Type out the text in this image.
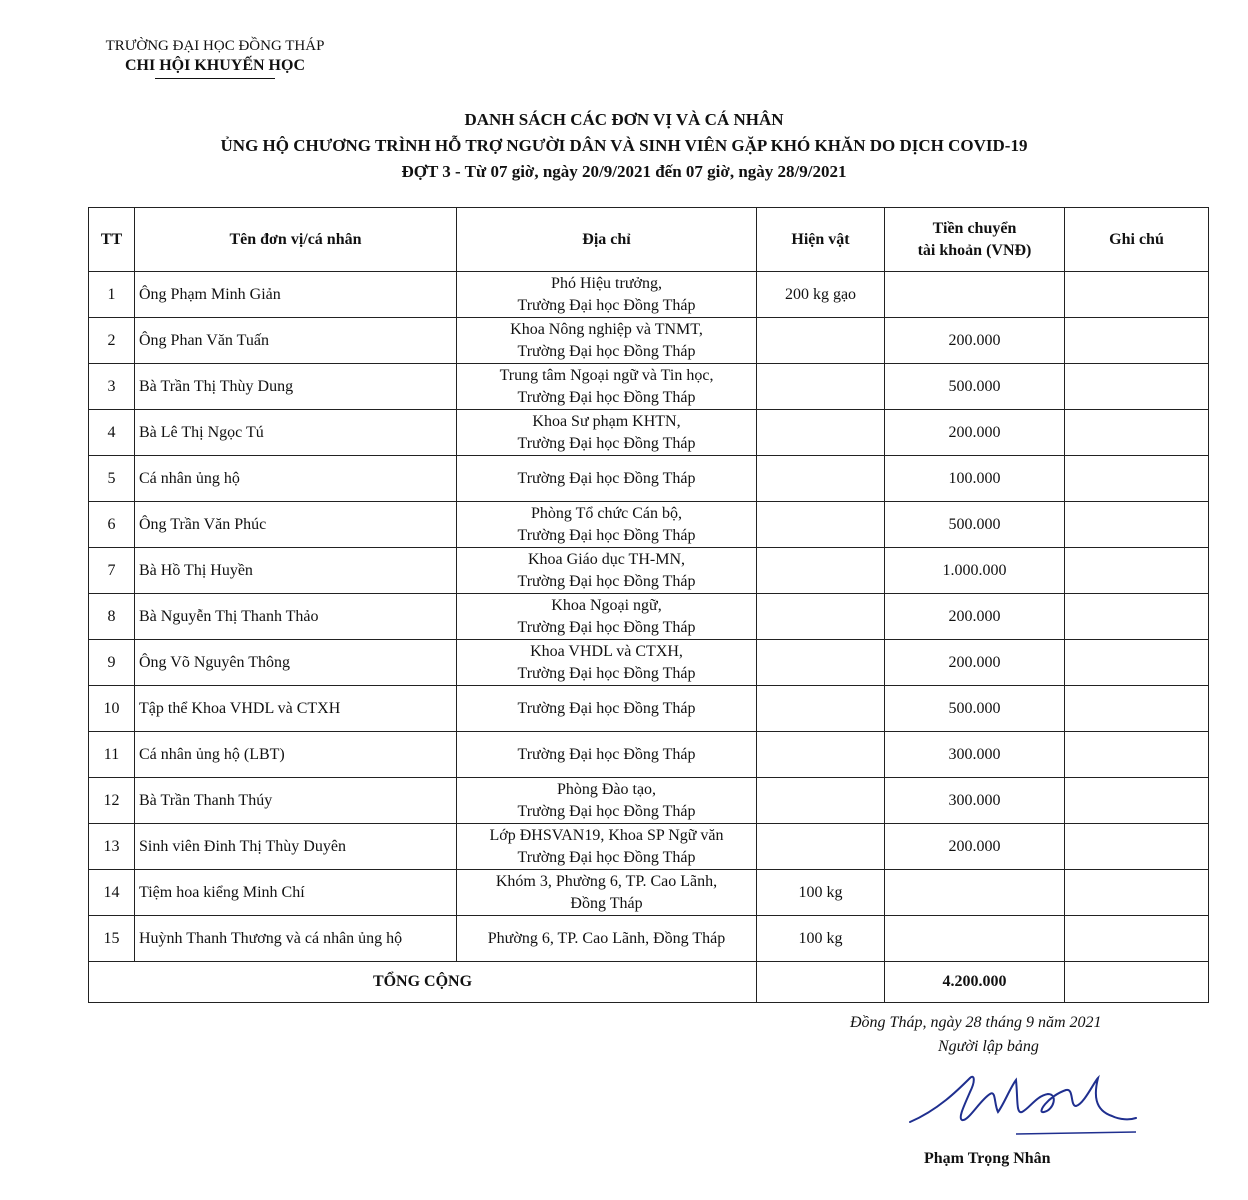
TRƯỜNG ĐẠI HỌC ĐỒNG THÁP
CHI HỘI KHUYẾN HỌC
DANH SÁCH CÁC ĐƠN VỊ VÀ CÁ NHÂN
ỦNG HỘ CHƯƠNG TRÌNH HỖ TRỢ NGƯỜI DÂN VÀ SINH VIÊN GẶP KHÓ KHĂN DO DỊCH COVID-19
ĐỢT 3 - Từ 07 giờ, ngày 20/9/2021 đến 07 giờ, ngày 28/9/2021
TT	Tên đơn vị/cá nhân	Địa chỉ	Hiện vật	Tiền chuyển
tài khoản (VNĐ)	Ghi chú
1	Ông Phạm Minh Giản	Phó Hiệu trưởng,
Trường Đại học Đồng Tháp	200 kg gạo		
2	Ông Phan Văn Tuấn	Khoa Nông nghiệp và TNMT,
Trường Đại học Đồng Tháp		200.000	
3	Bà Trần Thị Thùy Dung	Trung tâm Ngoại ngữ và Tin học,
Trường Đại học Đồng Tháp		500.000	
4	Bà Lê Thị Ngọc Tú	Khoa Sư phạm KHTN,
Trường Đại học Đồng Tháp		200.000	
5	Cá nhân ủng hộ	Trường Đại học Đồng Tháp		100.000	
6	Ông Trần Văn Phúc	Phòng Tổ chức Cán bộ,
Trường Đại học Đồng Tháp		500.000	
7	Bà Hồ Thị Huyền	Khoa Giáo dục TH-MN,
Trường Đại học Đồng Tháp		1.000.000	
8	Bà Nguyễn Thị Thanh Thảo	Khoa Ngoại ngữ,
Trường Đại học Đồng Tháp		200.000	
9	Ông Võ Nguyên Thông	Khoa VHDL và CTXH,
Trường Đại học Đồng Tháp		200.000	
10	Tập thể Khoa VHDL và CTXH	Trường Đại học Đồng Tháp		500.000	
11	Cá nhân ủng hộ (LBT)	Trường Đại học Đồng Tháp		300.000	
12	Bà Trần Thanh Thúy	Phòng Đào tạo,
Trường Đại học Đồng Tháp		300.000	
13	Sinh viên Đinh Thị Thùy Duyên	Lớp ĐHSVAN19, Khoa SP Ngữ văn
Trường Đại học Đồng Tháp		200.000	
14	Tiệm hoa kiểng Minh Chí	Khóm 3, Phường 6, TP. Cao Lãnh,
Đồng Tháp	100 kg		
15	Huỳnh Thanh Thương và cá nhân ủng hộ	Phường 6, TP. Cao Lãnh, Đồng Tháp	100 kg		
TỔNG CỘNG				4.200.000	
Đồng Tháp, ngày 28 tháng 9 năm 2021
Người lập bảng
Phạm Trọng Nhân
